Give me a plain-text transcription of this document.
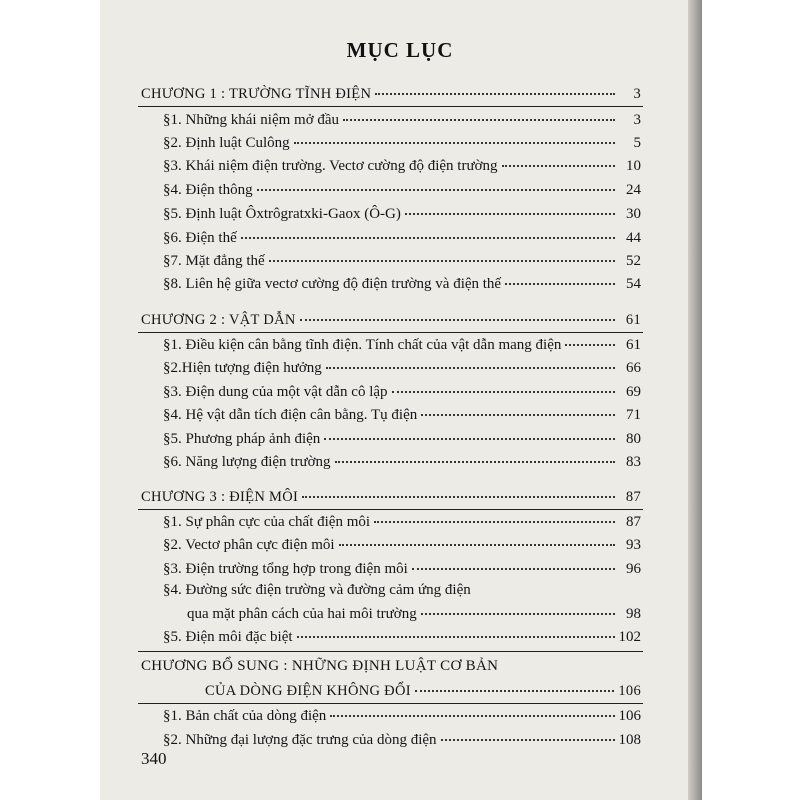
MỤC LỤC
CHƯƠNG 1 : TRƯỜNG TĨNH ĐIỆN	3
§1. Những khái niệm mở đầu	3
§2. Định luật Culông	5
§3. Khái niệm điện trường. Vectơ cường độ điện trường	10
§4. Điện thông	24
§5. Định luật Ôxtrôgratxki-Gaox (Ô-G)	30
§6. Điện thế	44
§7. Mặt đẳng thế	52
§8. Liên hệ giữa vectơ cường độ điện trường và điện thế	54
CHƯƠNG 2 : VẬT DẪN	61
§1. Điều kiện cân bằng tĩnh điện. Tính chất của vật dẫn mang điện	61
§2.Hiện tượng điện hưởng	66
§3. Điện dung của một vật dẫn cô lập	69
§4. Hệ vật dẫn tích điện cân bằng. Tụ điện	71
§5. Phương pháp ảnh điện	80
§6. Năng lượng điện trường	83
CHƯƠNG 3 : ĐIỆN MÔI	87
§1. Sự phân cực của chất điện môi	87
§2. Vectơ phân cực điện môi	93
§3. Điện trường tổng hợp trong điện môi	96
§4. Đường sức điện trường và đường cảm ứng điện
qua mặt phân cách của hai môi trường	98
§5. Điện môi đặc biệt	102
CHƯƠNG BỔ SUNG : NHỮNG ĐỊNH LUẬT CƠ BẢN
CỦA DÒNG ĐIỆN KHÔNG ĐỔI	106
§1. Bản chất của dòng điện	106
§2. Những đại lượng đặc trưng của dòng điện	108
340
